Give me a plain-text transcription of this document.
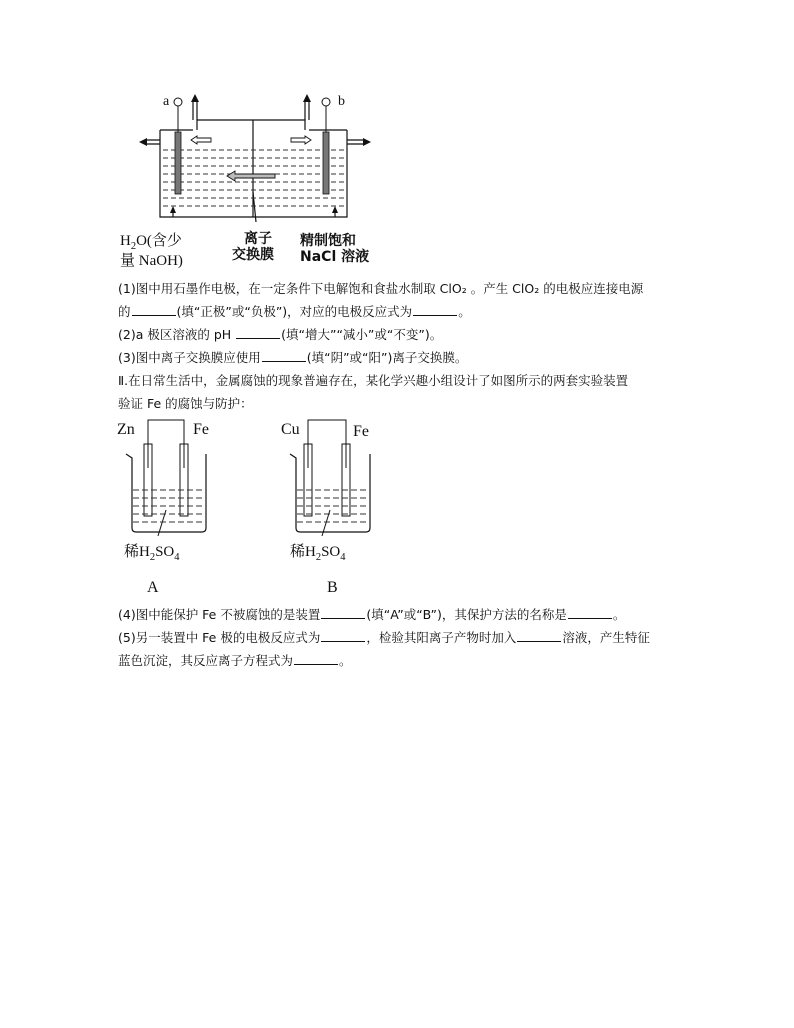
a	b
$H_2O$(含少
量 NaOH)
离子
交换膜
精制饱和
NaCl 溶液
(1)图中用石墨作电极，在一定条件下电解饱和食盐水制取 ClO₂ 。产生 ClO₂ 的电极应连接电源
的	(填“正极”或“负极”)，对应的电极反应式为	。
(2)a 极区溶液的 pH	(填“增大”“减小”或“不变”)。
(3)图中离子交换膜应使用	(填“阴”或“阳”)离子交换膜。
Ⅱ.在日常生活中，金属腐蚀的现象普遍存在，某化学兴趣小组设计了如图所示的两套实验装置
验证 Fe 的腐蚀与防护：
Zn	Fe
稀$H_2SO_4$
A
Cu	Fe
稀$H_2SO_4$
B
(4)图中能保护 Fe 不被腐蚀的是装置	(填“A”或“B”)，其保护方法的名称是	。
(5)另一装置中 Fe 极的电极反应式为	，检验其阳离子产物时加入	溶液，产生特征
蓝色沉淀，其反应离子方程式为	。
